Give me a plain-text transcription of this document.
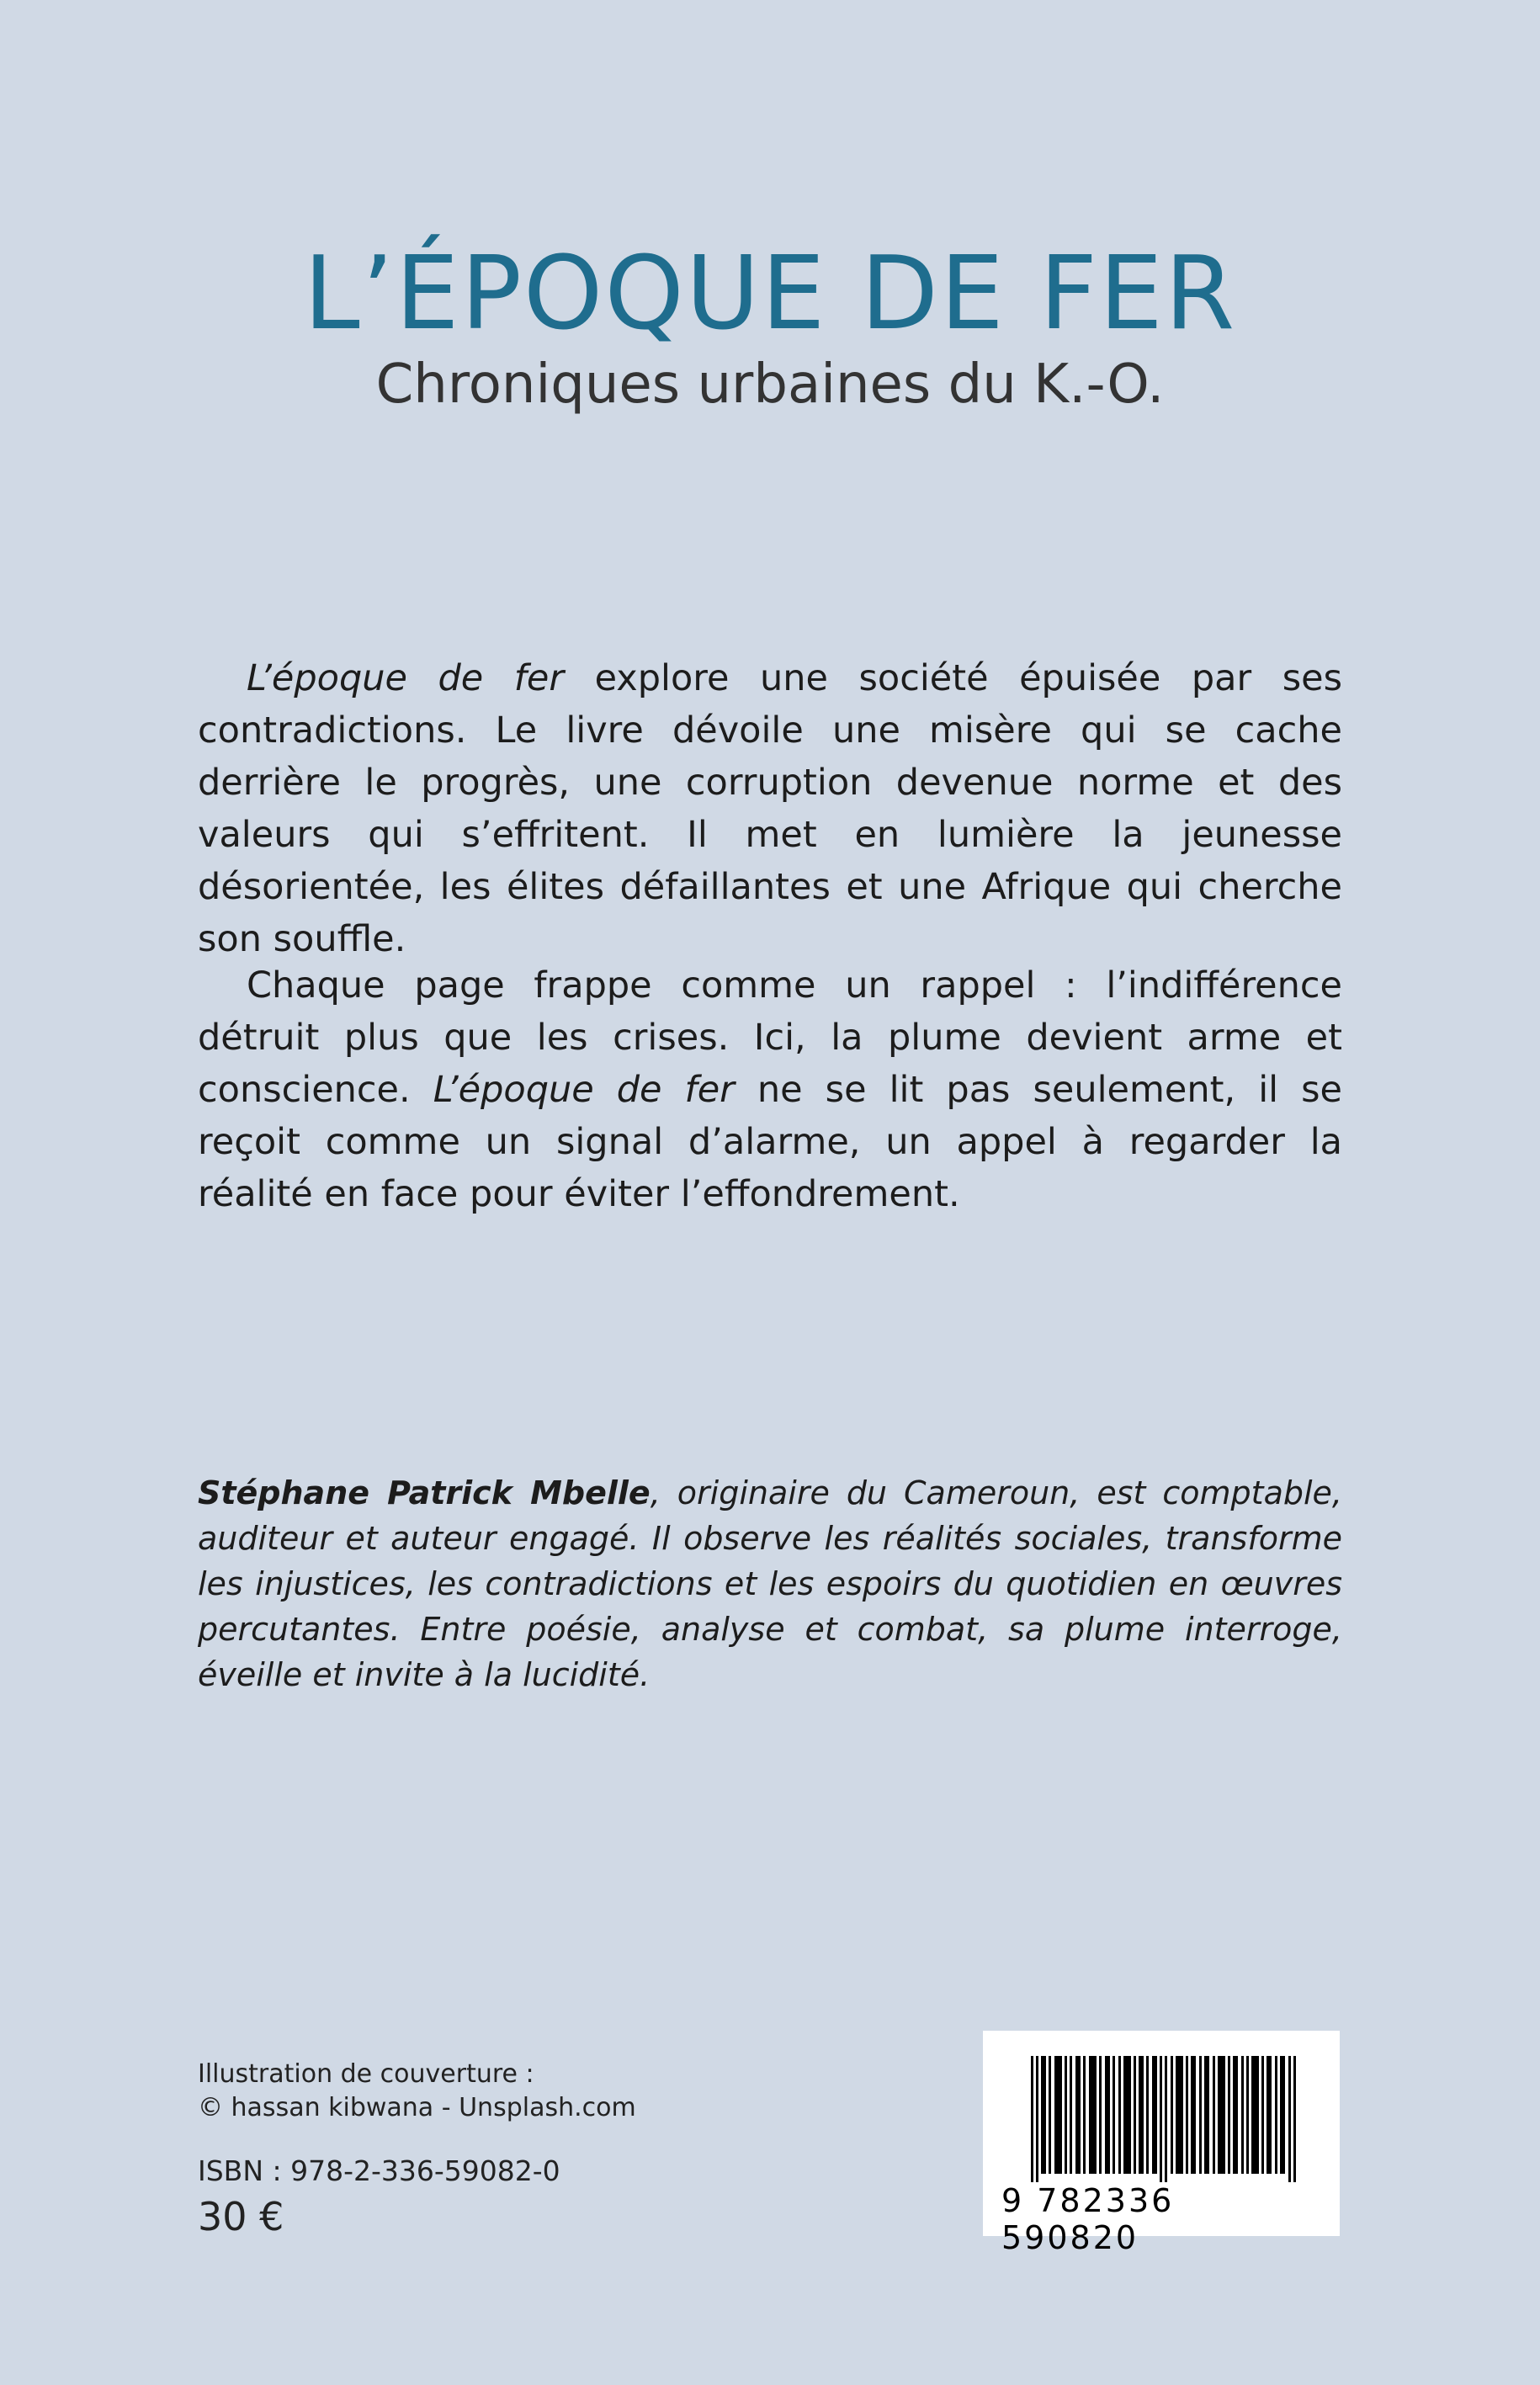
L’ÉPOQUE DE FER
Chroniques urbaines du K.-O.

L’époque de fer explore une société épuisée par ses contradictions. Le livre dévoile une misère qui se cache derrière le progrès, une corruption devenue norme et des valeurs qui s’effritent. Il met en lumière la jeunesse désorientée, les élites défaillantes et une Afrique qui cherche son souffle.

Chaque page frappe comme un rappel : l’indifférence détruit plus que les crises. Ici, la plume devient arme et conscience. L’époque de fer ne se lit pas seulement, il se reçoit comme un signal d’alarme, un appel à regarder la réalité en face pour éviter l’effondrement.

Stéphane Patrick Mbelle, originaire du Cameroun, est comptable, auditeur et auteur engagé. Il observe les réalités sociales, transforme les injustices, les contradictions et les espoirs du quotidien en œuvres percutantes. Entre poésie, analyse et combat, sa plume interroge, éveille et invite à la lucidité.

Illustration de couverture :
© hassan kibwana - Unsplash.com
ISBN : 978-2-336-59082-0
30 €	9 782336 590820
